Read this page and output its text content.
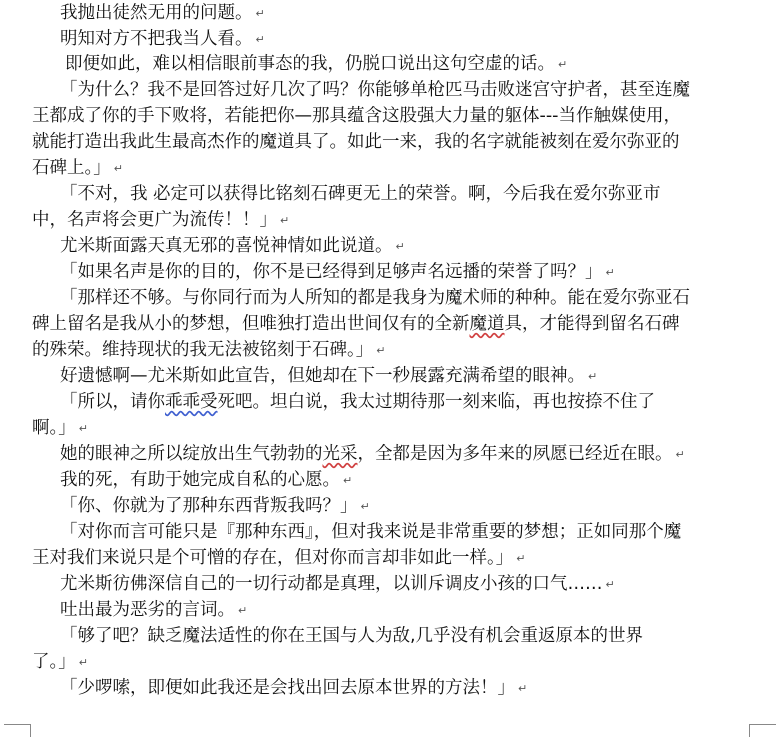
我抛出徒然无用的问题。 ↵
明知对方不把我当人看。 ↵
即便如此，难以相信眼前事态的我，仍脱口说出这句空虚的话。 ↵
「为什么？我不是回答过好几次了吗？你能够单枪匹马击败迷宫守护者，甚至连魔
王都成了你的手下败将，若能把你—那具蕴含这股强大力量的躯体---当作触媒使用，
就能打造出我此生最高杰作的魔道具了。如此一来，我的名字就能被刻在爱尔弥亚的
石碑上。」 ↵
「不对，我 必定可以获得比铭刻石碑更无上的荣誉。啊，今后我在爱尔弥亚市
中，名声将会更广为流传！！」 ↵
尤米斯面露天真无邪的喜悦神情如此说道。 ↵
「如果名声是你的目的，你不是已经得到足够声名远播的荣誉了吗？」 ↵
「那样还不够。与你同行而为人所知的都是我身为魔术师的种种。能在爱尔弥亚石
碑上留名是我从小的梦想，但唯独打造出世间仅有的全新魔道具，才能得到留名石碑
的殊荣。维持现状的我无法被铭刻于石碑。」 ↵
好遗憾啊—尤米斯如此宣告，但她却在下一秒展露充满希望的眼神。 ↵
「所以，请你乖乖受死吧。坦白说，我太过期待那一刻来临，再也按捺不住了
啊。」 ↵
她的眼神之所以绽放出生气勃勃的光采，全都是因为多年来的夙愿已经近在眼。 ↵
我的死，有助于她完成自私的心愿。 ↵
「你、你就为了那种东西背叛我吗？」 ↵
「对你而言可能只是『那种东西』，但对我来说是非常重要的梦想；正如同那个魔
王对我们来说只是个可憎的存在，但对你而言却非如此一样。」 ↵
尤米斯彷佛深信自己的一切行动都是真理，以训斥调皮小孩的口气…… ↵
吐出最为恶劣的言词。 ↵
「够了吧？缺乏魔法适性的你在王国与人为敌,几乎没有机会重返原本的世界
了。」 ↵
「少啰嗦，即便如此我还是会找出回去原本世界的方法！」 ↵
